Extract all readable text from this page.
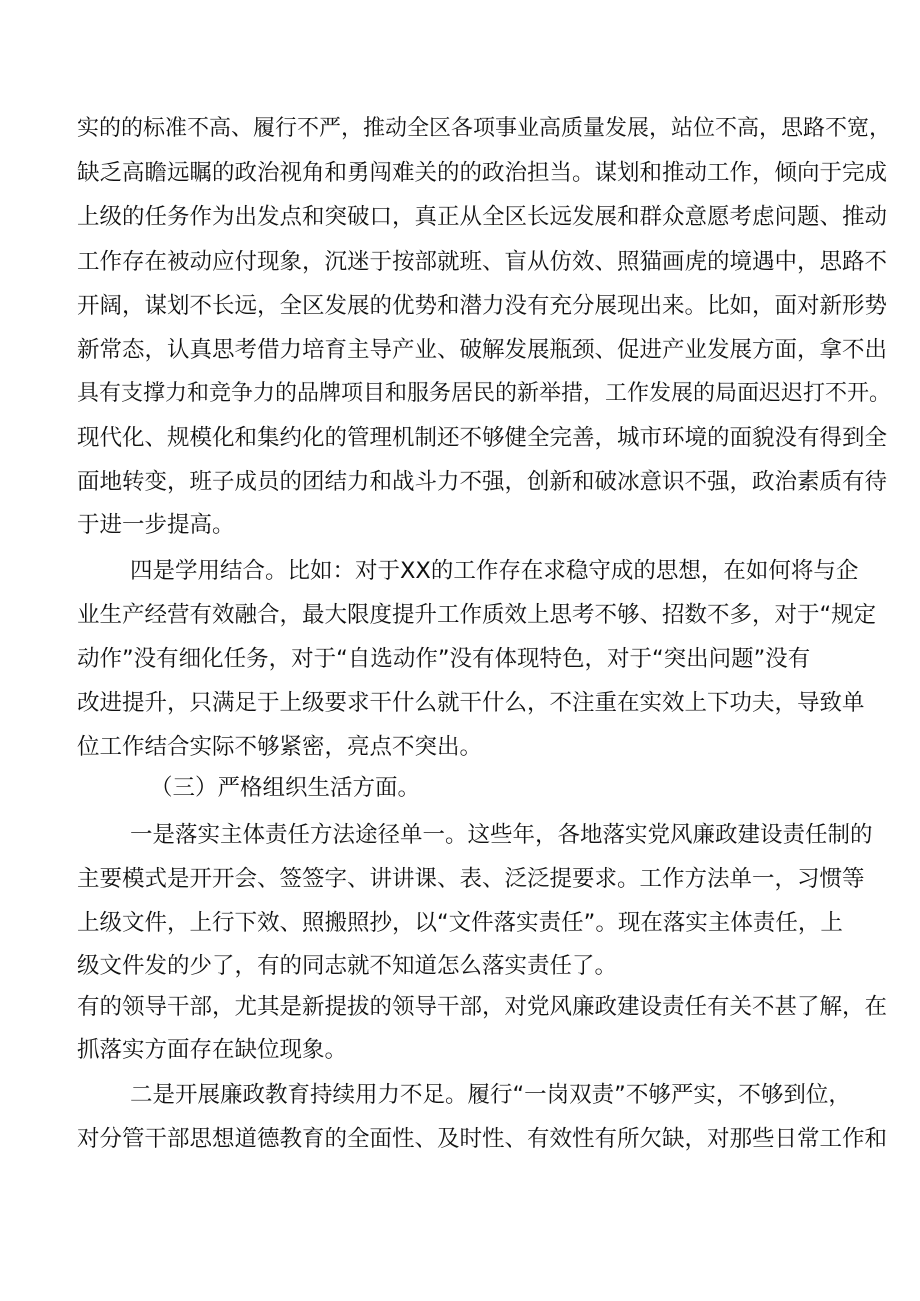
实的的标准不高、履行不严，推动全区各项事业高质量发展，站位不高，思路不宽，
缺乏高瞻远瞩的政治视角和勇闯难关的的政治担当。谋划和推动工作，倾向于完成
上级的任务作为出发点和突破口，真正从全区长远发展和群众意愿考虑问题、推动
工作存在被动应付现象，沉迷于按部就班、盲从仿效、照猫画虎的境遇中，思路不
开阔，谋划不长远，全区发展的优势和潜力没有充分展现出来。比如，面对新形势
新常态，认真思考借力培育主导产业、破解发展瓶颈、促进产业发展方面，拿不出
具有支撑力和竞争力的品牌项目和服务居民的新举措，工作发展的局面迟迟打不开。
现代化、规模化和集约化的管理机制还不够健全完善，城市环境的面貌没有得到全
面地转变，班子成员的团结力和战斗力不强，创新和破冰意识不强，政治素质有待
于进一步提高。
四是学用结合。比如：对于XX的工作存在求稳守成的思想，在如何将与企
业生产经营有效融合，最大限度提升工作质效上思考不够、招数不多，对于“规定
动作”没有细化任务，对于“自选动作”没有体现特色，对于“突出问题”没有
改进提升，只满足于上级要求干什么就干什么，不注重在实效上下功夫，导致单
位工作结合实际不够紧密，亮点不突出。
（三）严格组织生活方面。
一是落实主体责任方法途径单一。这些年，各地落实党风廉政建设责任制的
主要模式是开开会、签签字、讲讲课、表、泛泛提要求。工作方法单一，习惯等
上级文件，上行下效、照搬照抄，以“文件落实责任”。现在落实主体责任，上
级文件发的少了，有的同志就不知道怎么落实责任了。
有的领导干部，尤其是新提拔的领导干部，对党风廉政建设责任有关不甚了解，在
抓落实方面存在缺位现象。
二是开展廉政教育持续用力不足。履行“一岗双责”不够严实，不够到位，
对分管干部思想道德教育的全面性、及时性、有效性有所欠缺，对那些日常工作和
